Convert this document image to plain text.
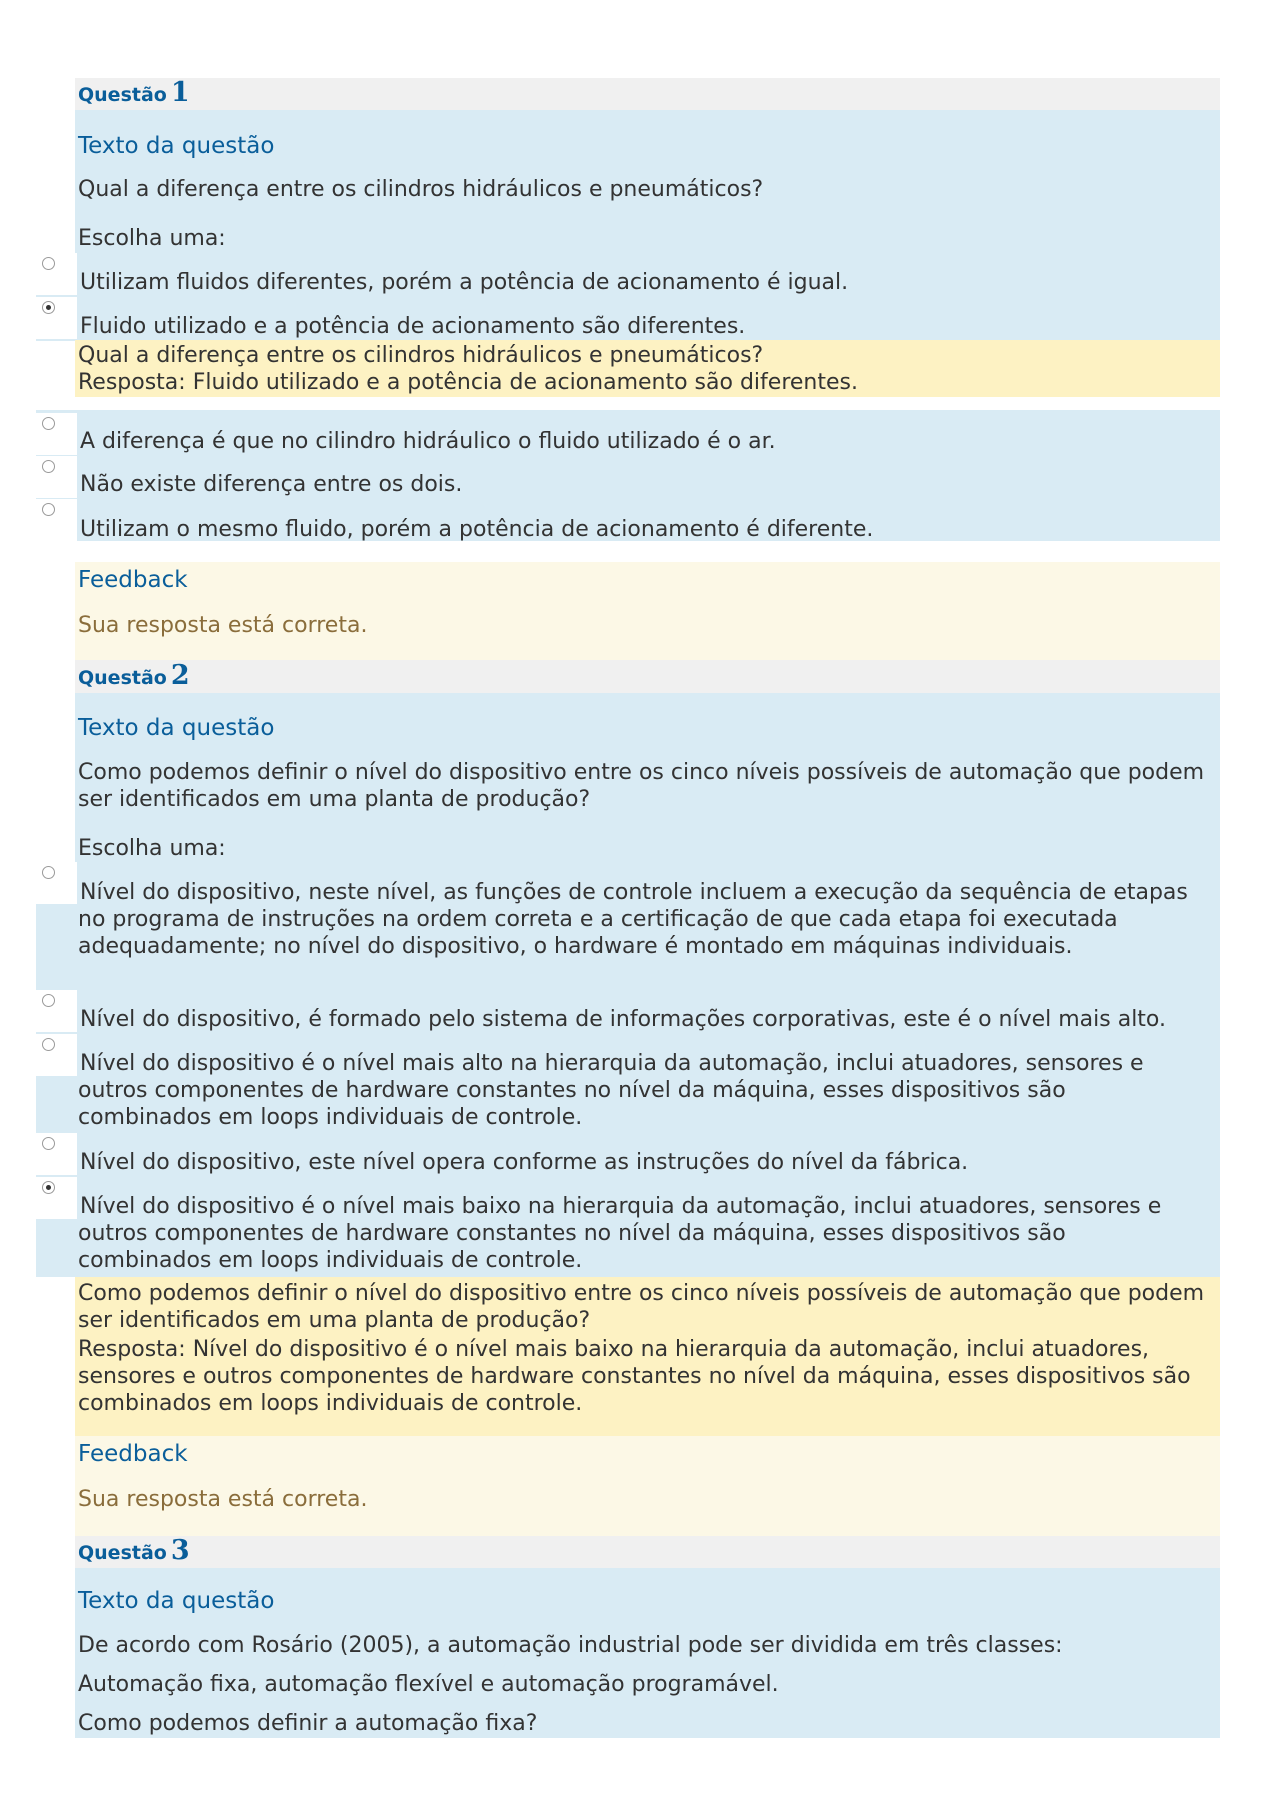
Questão 1
Texto da questão
Qual a diferença entre os cilindros hidráulicos e pneumáticos?
Escolha uma:
Utilizam fluidos diferentes, porém a potência de acionamento é igual.
Fluido utilizado e a potência de acionamento são diferentes.
Qual a diferença entre os cilindros hidráulicos e pneumáticos?
Resposta: Fluido utilizado e a potência de acionamento são diferentes.
A diferença é que no cilindro hidráulico o fluido utilizado é o ar.
Não existe diferença entre os dois.
Utilizam o mesmo fluido, porém a potência de acionamento é diferente.
Feedback
Sua resposta está correta.
Questão 2
Texto da questão
Como podemos definir o nível do dispositivo entre os cinco níveis possíveis de automação que podem ser identificados em uma planta de produção?
Escolha uma:
Nível do dispositivo, neste nível, as funções de controle incluem a execução da sequência de etapas no programa de instruções na ordem correta e a certificação de que cada etapa foi executada adequadamente; no nível do dispositivo, o hardware é montado em máquinas individuais.
Nível do dispositivo, é formado pelo sistema de informações corporativas, este é o nível mais alto.
Nível do dispositivo é o nível mais alto na hierarquia da automação, inclui atuadores, sensores e outros componentes de hardware constantes no nível da máquina, esses dispositivos são combinados em loops individuais de controle.
Nível do dispositivo, este nível opera conforme as instruções do nível da fábrica.
Nível do dispositivo é o nível mais baixo na hierarquia da automação, inclui atuadores, sensores e outros componentes de hardware constantes no nível da máquina, esses dispositivos são combinados em loops individuais de controle.
Como podemos definir o nível do dispositivo entre os cinco níveis possíveis de automação que podem ser identificados em uma planta de produção?
Resposta: Nível do dispositivo é o nível mais baixo na hierarquia da automação, inclui atuadores, sensores e outros componentes de hardware constantes no nível da máquina, esses dispositivos são combinados em loops individuais de controle.
Feedback
Sua resposta está correta.
Questão 3
Texto da questão
De acordo com Rosário (2005), a automação industrial pode ser dividida em três classes:
Automação fixa, automação flexível e automação programável.
Como podemos definir a automação fixa?
